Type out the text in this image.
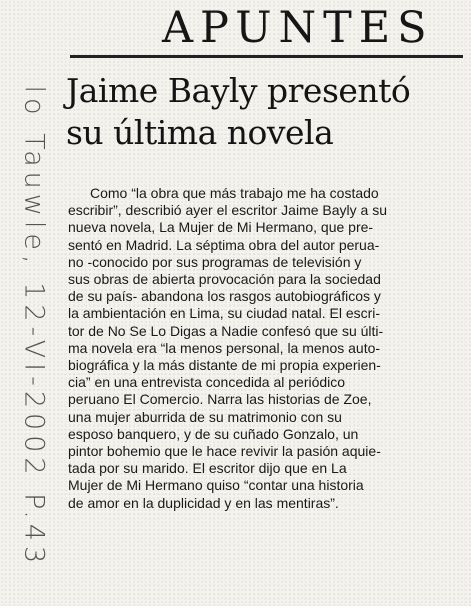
APUNTES
Jaime Bayly presentó
su última novela
Como “la obra que más trabajo me ha costado
escribir”, describió ayer el escritor Jaime Bayly a su
nueva novela, La Mujer de Mi Hermano, que pre-
sentó en Madrid. La séptima obra del autor perua-
no -conocido por sus programas de televisión y
sus obras de abierta provocación para la sociedad
de su país- abandona los rasgos autobiográficos y
la ambientación en Lima, su ciudad natal. El escri-
tor de No Se Lo Digas a Nadie confesó que su últi-
ma novela era “la menos personal, la menos auto-
biográfica y la más distante de mi propia experien-
cia” en una entrevista concedida al periódico
peruano El Comercio. Narra las historias de Zoe,
una mujer aburrida de su matrimonio con su
esposo banquero, y de su cuñado Gonzalo, un
pintor bohemio que le hace revivir la pasión aquie-
tada por su marido. El escritor dijo que en La
Mujer de Mi Hermano quiso “contar una historia
de amor en la duplicidad y en las mentiras”.
lo Tauwle, 12-VI-2002 P.43
